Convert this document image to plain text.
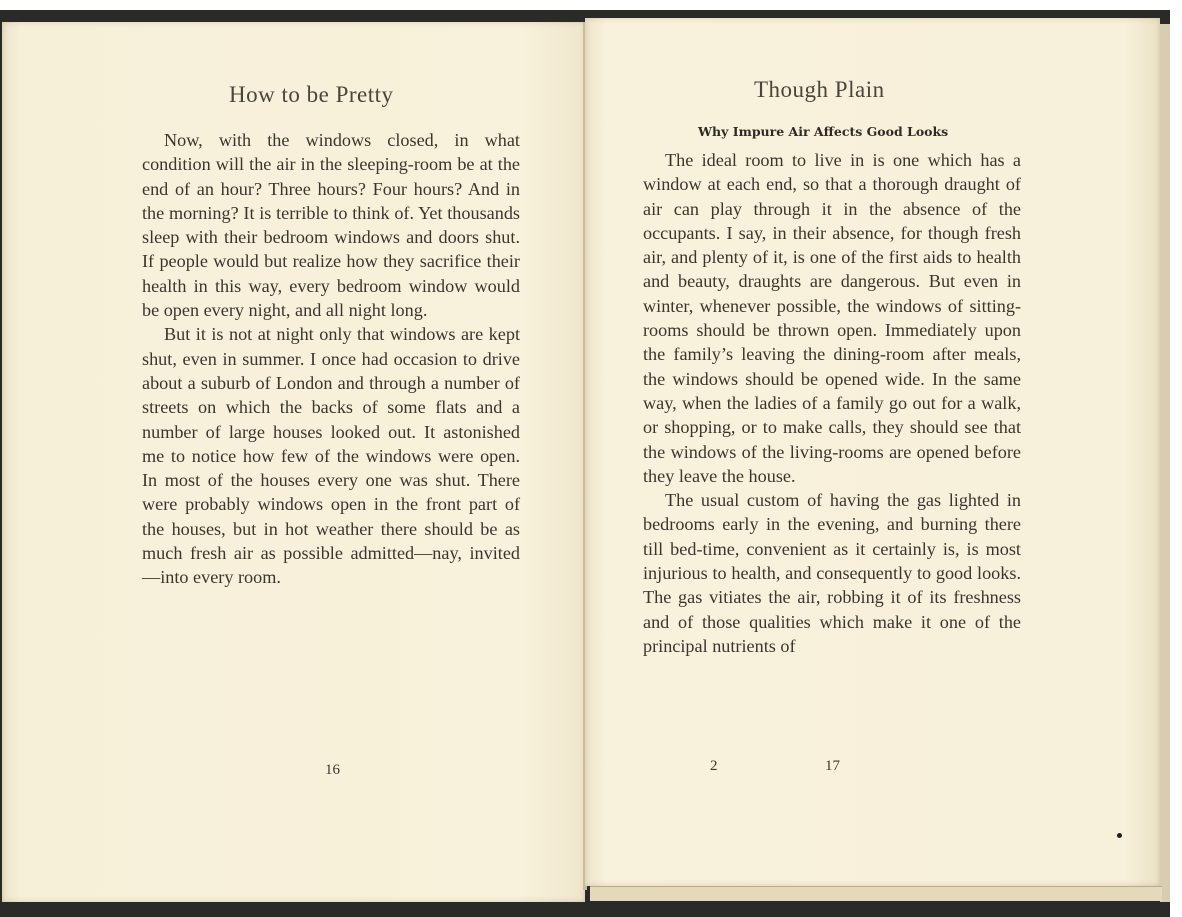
How to be Pretty

Now, with the windows closed, in what condition will the air in the sleeping-room be at the end of an hour? Three hours? Four hours? And in the morning? It is terrible to think of. Yet thousands sleep with their bedroom windows and doors shut. If people would but realize how they sacrifice their health in this way, every bedroom window would be open every night, and all night long.

But it is not at night only that windows are kept shut, even in summer. I once had occasion to drive about a suburb of London and through a number of streets on which the backs of some flats and a number of large houses looked out. It astonished me to notice how few of the windows were open. In most of the houses every one was shut. There were probably windows open in the front part of the houses, but in hot weather there should be as much fresh air as possible admitted—nay, invited—into every room.

16
Though Plain
Why Impure Air Affects Good Looks

The ideal room to live in is one which has a window at each end, so that a thorough draught of air can play through it in the absence of the occupants. I say, in their absence, for though fresh air, and plenty of it, is one of the first aids to health and beauty, draughts are dangerous. But even in winter, whenever possible, the windows of sitting-rooms should be thrown open. Immediately upon the family’s leaving the dining-room after meals, the windows should be opened wide. In the same way, when the ladies of a family go out for a walk, or shopping, or to make calls, they should see that the windows of the living-rooms are opened before they leave the house.

The usual custom of having the gas lighted in bedrooms early in the evening, and burning there till bed-time, convenient as it certainly is, is most injurious to health, and consequently to good looks. The gas vitiates the air, robbing it of its freshness and of those qualities which make it one of the principal nutrients of

2	17
